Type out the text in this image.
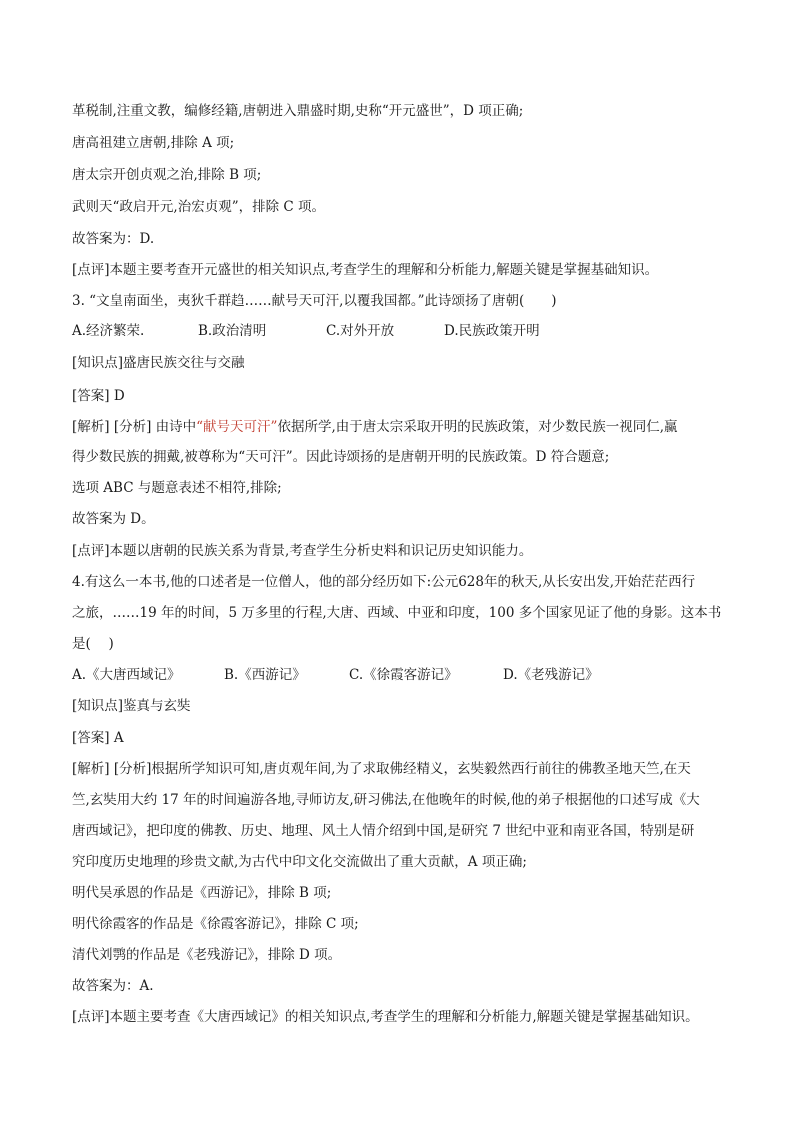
革税制,注重文教，编修经籍,唐朝进入鼎盛时期,史称“开元盛世”，D 项正确;
唐高祖建立唐朝,排除 A 项;
唐太宗开创贞观之治,排除 B 项;
武则天“政启开元,治宏贞观”，排除 C 项。
故答案为：D.
[点评]本题主要考查开元盛世的相关知识点,考查学生的理解和分析能力,解题关键是掌握基础知识。
3. “文皇南面坐，夷狄千群趋……献号天可汗,以覆我国都。”此诗颂扬了唐朝(　　)
A.经济繁荣.	B.政治清明	C.对外开放	D.民族政策开明
[知识点]盛唐民族交往与交融
[答案] D
[解析] [分析] 由诗中“献号天可汗”依据所学,由于唐太宗采取开明的民族政策，对少数民族一视同仁,赢
得少数民族的拥戴,被尊称为“天可汗”。因此诗颂扬的是唐朝开明的民族政策。D 符合题意;
选项 ABC 与题意表述不相符,排除;
故答案为 D。
[点评]本题以唐朝的民族关系为背景,考查学生分析史料和识记历史知识能力。
4.有这么一本书,他的口述者是一位僧人，他的部分经历如下:公元628年的秋天,从长安出发,开始茫茫西行
之旅，……19 年的时间，5 万多里的行程,大唐、西域、中亚和印度，100 多个国家见证了他的身影。这本书
是(　 )
A.《大唐西域记》	B.《西游记》	C.《徐霞客游记》	D.《老残游记》
[知识点]鉴真与玄奘
[答案] A
[解析] [分析]根据所学知识可知,唐贞观年间,为了求取佛经精义，玄奘毅然西行前往的佛教圣地天竺,在天
竺,玄奘用大约 17 年的时间遍游各地,寻师访友,研习佛法,在他晚年的时候,他的弟子根据他的口述写成《大
唐西域记》，把印度的佛教、历史、地理、风土人情介绍到中国,是研究 7 世纪中亚和南亚各国，特别是研
究印度历史地理的珍贵文献,为古代中印文化交流做出了重大贡献，A 项正确;
明代吴承恩的作品是《西游记》，排除 B 项;
明代徐霞客的作品是《徐霞客游记》，排除 C 项;
清代刘鹗的作品是《老残游记》，排除 D 项。
故答案为：A.
[点评]本题主要考查《大唐西域记》的相关知识点,考查学生的理解和分析能力,解题关键是掌握基础知识。
